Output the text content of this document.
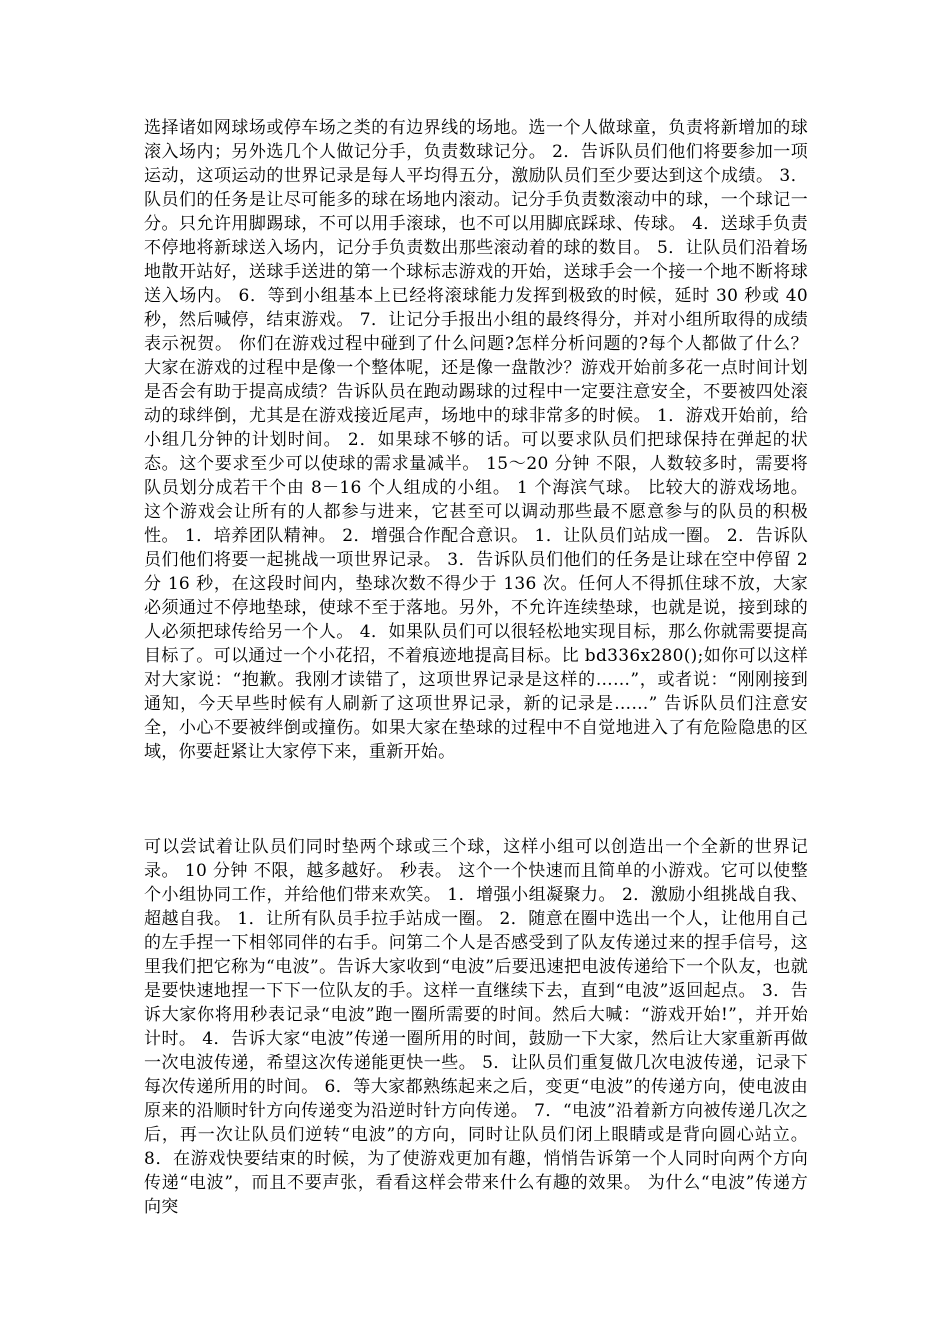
选择诸如网球场或停车场之类的有边界线的场地。选一个人做球童，负责将新增加的球滚入场内；另外选几个人做记分手，负责数球记分。 2．告诉队员们他们将要参加一项运动，这项运动的世界记录是每人平均得五分，激励队员们至少要达到这个成绩。 3．队员们的任务是让尽可能多的球在场地内滚动。记分手负责数滚动中的球，一个球记一分。只允许用脚踢球，不可以用手滚球，也不可以用脚底踩球、传球。 4．送球手负责不停地将新球送入场内，记分手负责数出那些滚动着的球的数目。 5．让队员们沿着场地散开站好，送球手送进的第一个球标志游戏的开始，送球手会一个接一个地不断将球送入场内。 6．等到小组基本上已经将滚球能力发挥到极致的时候，延时 30 秒或 40 秒，然后喊停，结束游戏。 7．让记分手报出小组的最终得分，并对小组所取得的成绩表示祝贺。 你们在游戏过程中碰到了什么问题?怎样分析问题的?每个人都做了什么？大家在游戏的过程中是像一个整体呢，还是像一盘散沙？游戏开始前多花一点时间计划是否会有助于提高成绩？告诉队员在跑动踢球的过程中一定要注意安全，不要被四处滚动的球绊倒，尤其是在游戏接近尾声，场地中的球非常多的时候。 1．游戏开始前，给小组几分钟的计划时间。 2．如果球不够的话。可以要求队员们把球保持在弹起的状态。这个要求至少可以使球的需求量减半。 15～20 分钟 不限，人数较多时，需要将队员划分成若干个由 8－16 个人组成的小组。 1 个海滨气球。 比较大的游戏场地。 这个游戏会让所有的人都参与进来，它甚至可以调动那些最不愿意参与的队员的积极性。 1．培养团队精神。 2．增强合作配合意识。 1．让队员们站成一圈。 2．告诉队员们他们将要一起挑战一项世界记录。 3．告诉队员们他们的任务是让球在空中停留 2 分 16 秒，在这段时间内，垫球次数不得少于 136 次。任何人不得抓住球不放，大家必须通过不停地垫球，使球不至于落地。另外，不允许连续垫球，也就是说，接到球的人必须把球传给另一个人。 4．如果队员们可以很轻松地实现目标，那么你就需要提高目标了。可以通过一个小花招，不着痕迹地提高目标。比 bd336x280();如你可以这样对大家说：“抱歉。我刚才读错了，这项世界记录是这样的……”，或者说：“刚刚接到通知，今天早些时候有人刷新了这项世界记录，新的记录是……” 告诉队员们注意安全，小心不要被绊倒或撞伤。如果大家在垫球的过程中不自觉地进入了有危险隐患的区域，你要赶紧让大家停下来，重新开始。

可以尝试着让队员们同时垫两个球或三个球，这样小组可以创造出一个全新的世界记录。 10 分钟 不限，越多越好。 秒表。 这个一个快速而且简单的小游戏。它可以使整个小组协同工作，并给他们带来欢笑。 1．增强小组凝聚力。 2．激励小组挑战自我、超越自我。 1．让所有队员手拉手站成一圈。 2．随意在圈中选出一个人，让他用自己的左手捏一下相邻同伴的右手。问第二个人是否感受到了队友传递过来的捏手信号，这里我们把它称为“电波”。告诉大家收到“电波”后要迅速把电波传递给下一个队友，也就是要快速地捏一下下一位队友的手。这样一直继续下去，直到“电波”返回起点。 3．告诉大家你将用秒表记录“电波”跑一圈所需要的时间。然后大喊：“游戏开始!”，并开始计时。 4．告诉大家“电波”传递一圈所用的时间，鼓励一下大家，然后让大家重新再做一次电波传递，希望这次传递能更快一些。 5．让队员们重复做几次电波传递，记录下每次传递所用的时间。 6．等大家都熟练起来之后，变更“电波”的传递方向，使电波由原来的沿顺时针方向传递变为沿逆时针方向传递。 7．“电波”沿着新方向被传递几次之后，再一次让队员们逆转“电波”的方向，同时让队员们闭上眼睛或是背向圆心站立。 8．在游戏快要结束的时候，为了使游戏更加有趣，悄悄告诉第一个人同时向两个方向传递“电波”，而且不要声张，看看这样会带来什么有趣的效果。 为什么“电波”传递方向突
